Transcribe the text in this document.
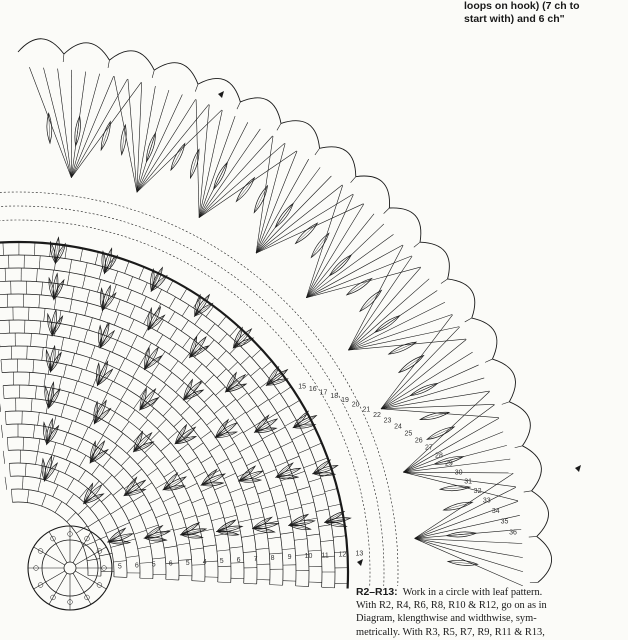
15 16 17
18
19
20
21
22
23
24
25
26
27
28
29
30
31
32
33
34
35
36
5 6 5 6 5 4 5 6 7 8 9 10 11 12 13
loops on hook) (7 ch to
start with) and 6 ch"
R2–R13: Work in a circle with leaf pattern.
With R2, R4, R6, R8, R10 & R12, go on as in
Diagram, klengthwise and widthwise, sym-
metrically. With R3, R5, R7, R9, R11 & R13,
